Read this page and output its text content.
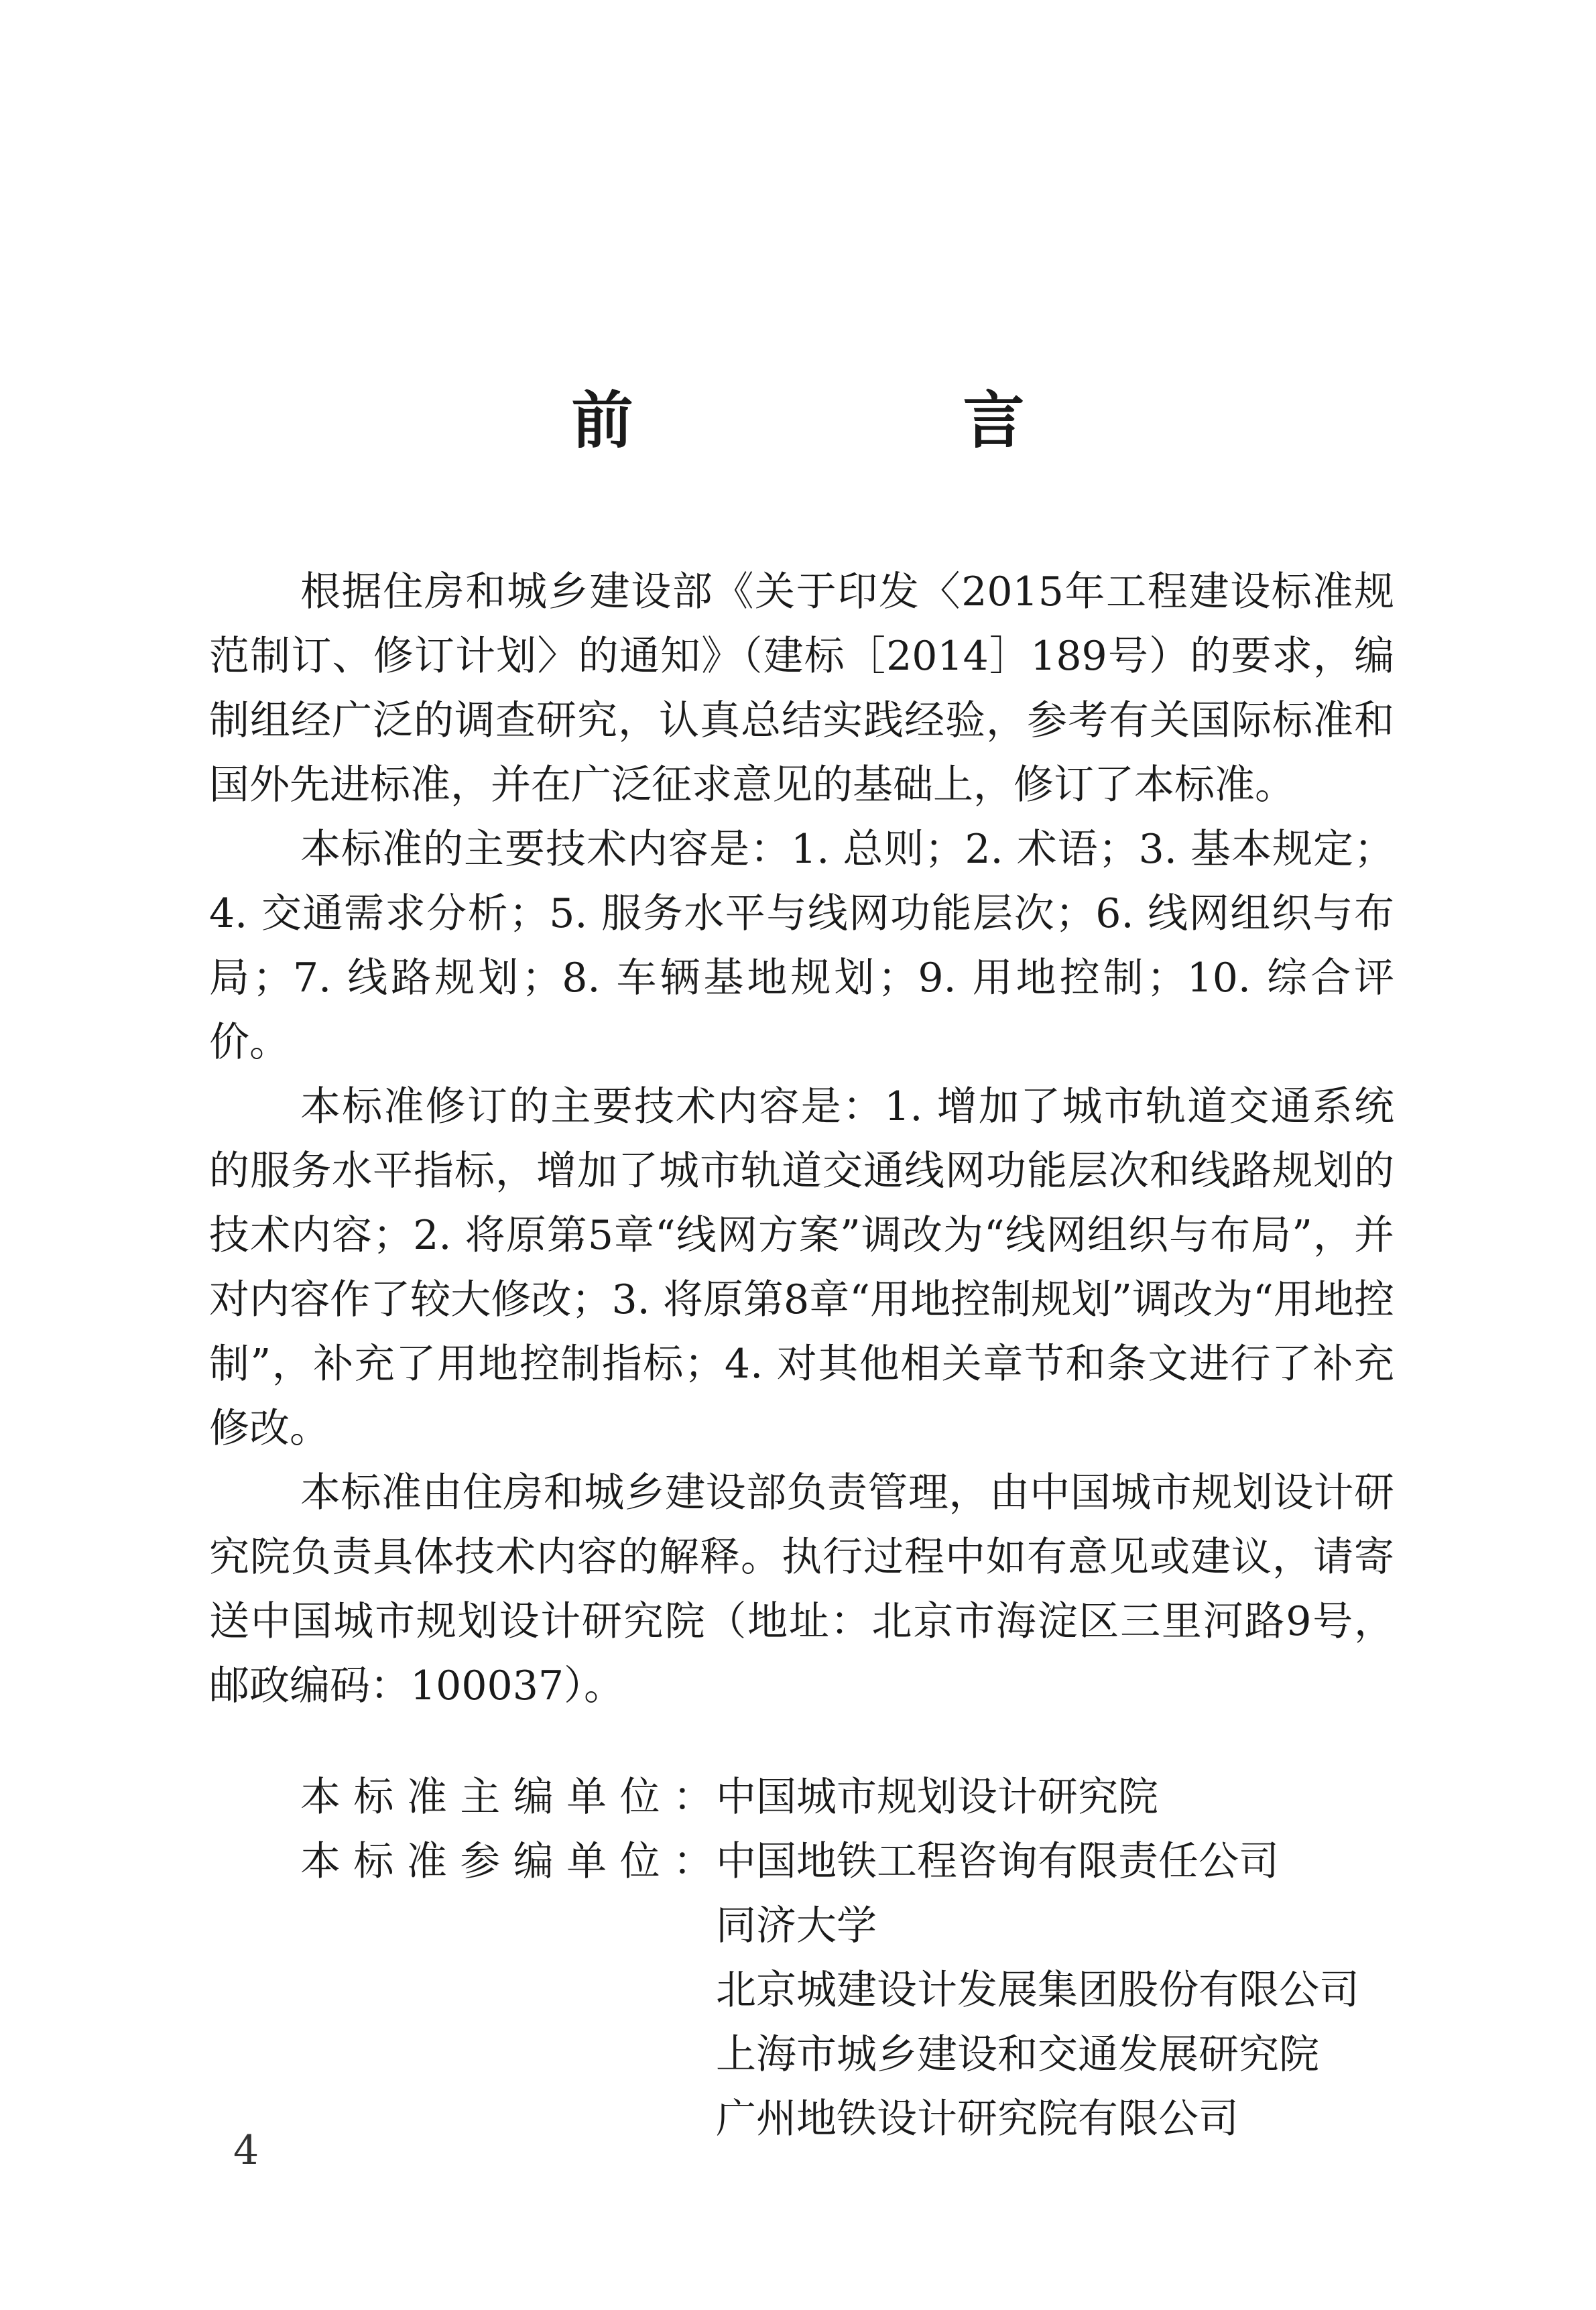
前　言

根据住房和城乡建设部《关于印发〈2015年工程建设标准规范制订、修订计划〉的通知》（建标［2014］189号）的要求，编制组经广泛的调查研究，认真总结实践经验，参考有关国际标准和国外先进标准，并在广泛征求意见的基础上，修订了本标准。

本标准的主要技术内容是：1. 总则；2. 术语；3. 基本规定；4. 交通需求分析；5. 服务水平与线网功能层次；6. 线网组织与布局；7. 线路规划；8. 车辆基地规划；9. 用地控制；10. 综合评价。

本标准修订的主要技术内容是：1. 增加了城市轨道交通系统的服务水平指标，增加了城市轨道交通线网功能层次和线路规划的技术内容；2. 将原第5章“线网方案”调改为“线网组织与布局”，并对内容作了较大修改；3. 将原第8章“用地控制规划”调改为“用地控制”，补充了用地控制指标；4. 对其他相关章节和条文进行了补充修改。

本标准由住房和城乡建设部负责管理，由中国城市规划设计研究院负责具体技术内容的解释。执行过程中如有意见或建议，请寄送中国城市规划设计研究院（地址：北京市海淀区三里河路9号，邮政编码：100037）。

本标准主编单位： 中国城市规划设计研究院
本标准参编单位： 中国地铁工程咨询有限责任公司
同济大学
北京城建设计发展集团股份有限公司
上海市城乡建设和交通发展研究院
广州地铁设计研究院有限公司
4
